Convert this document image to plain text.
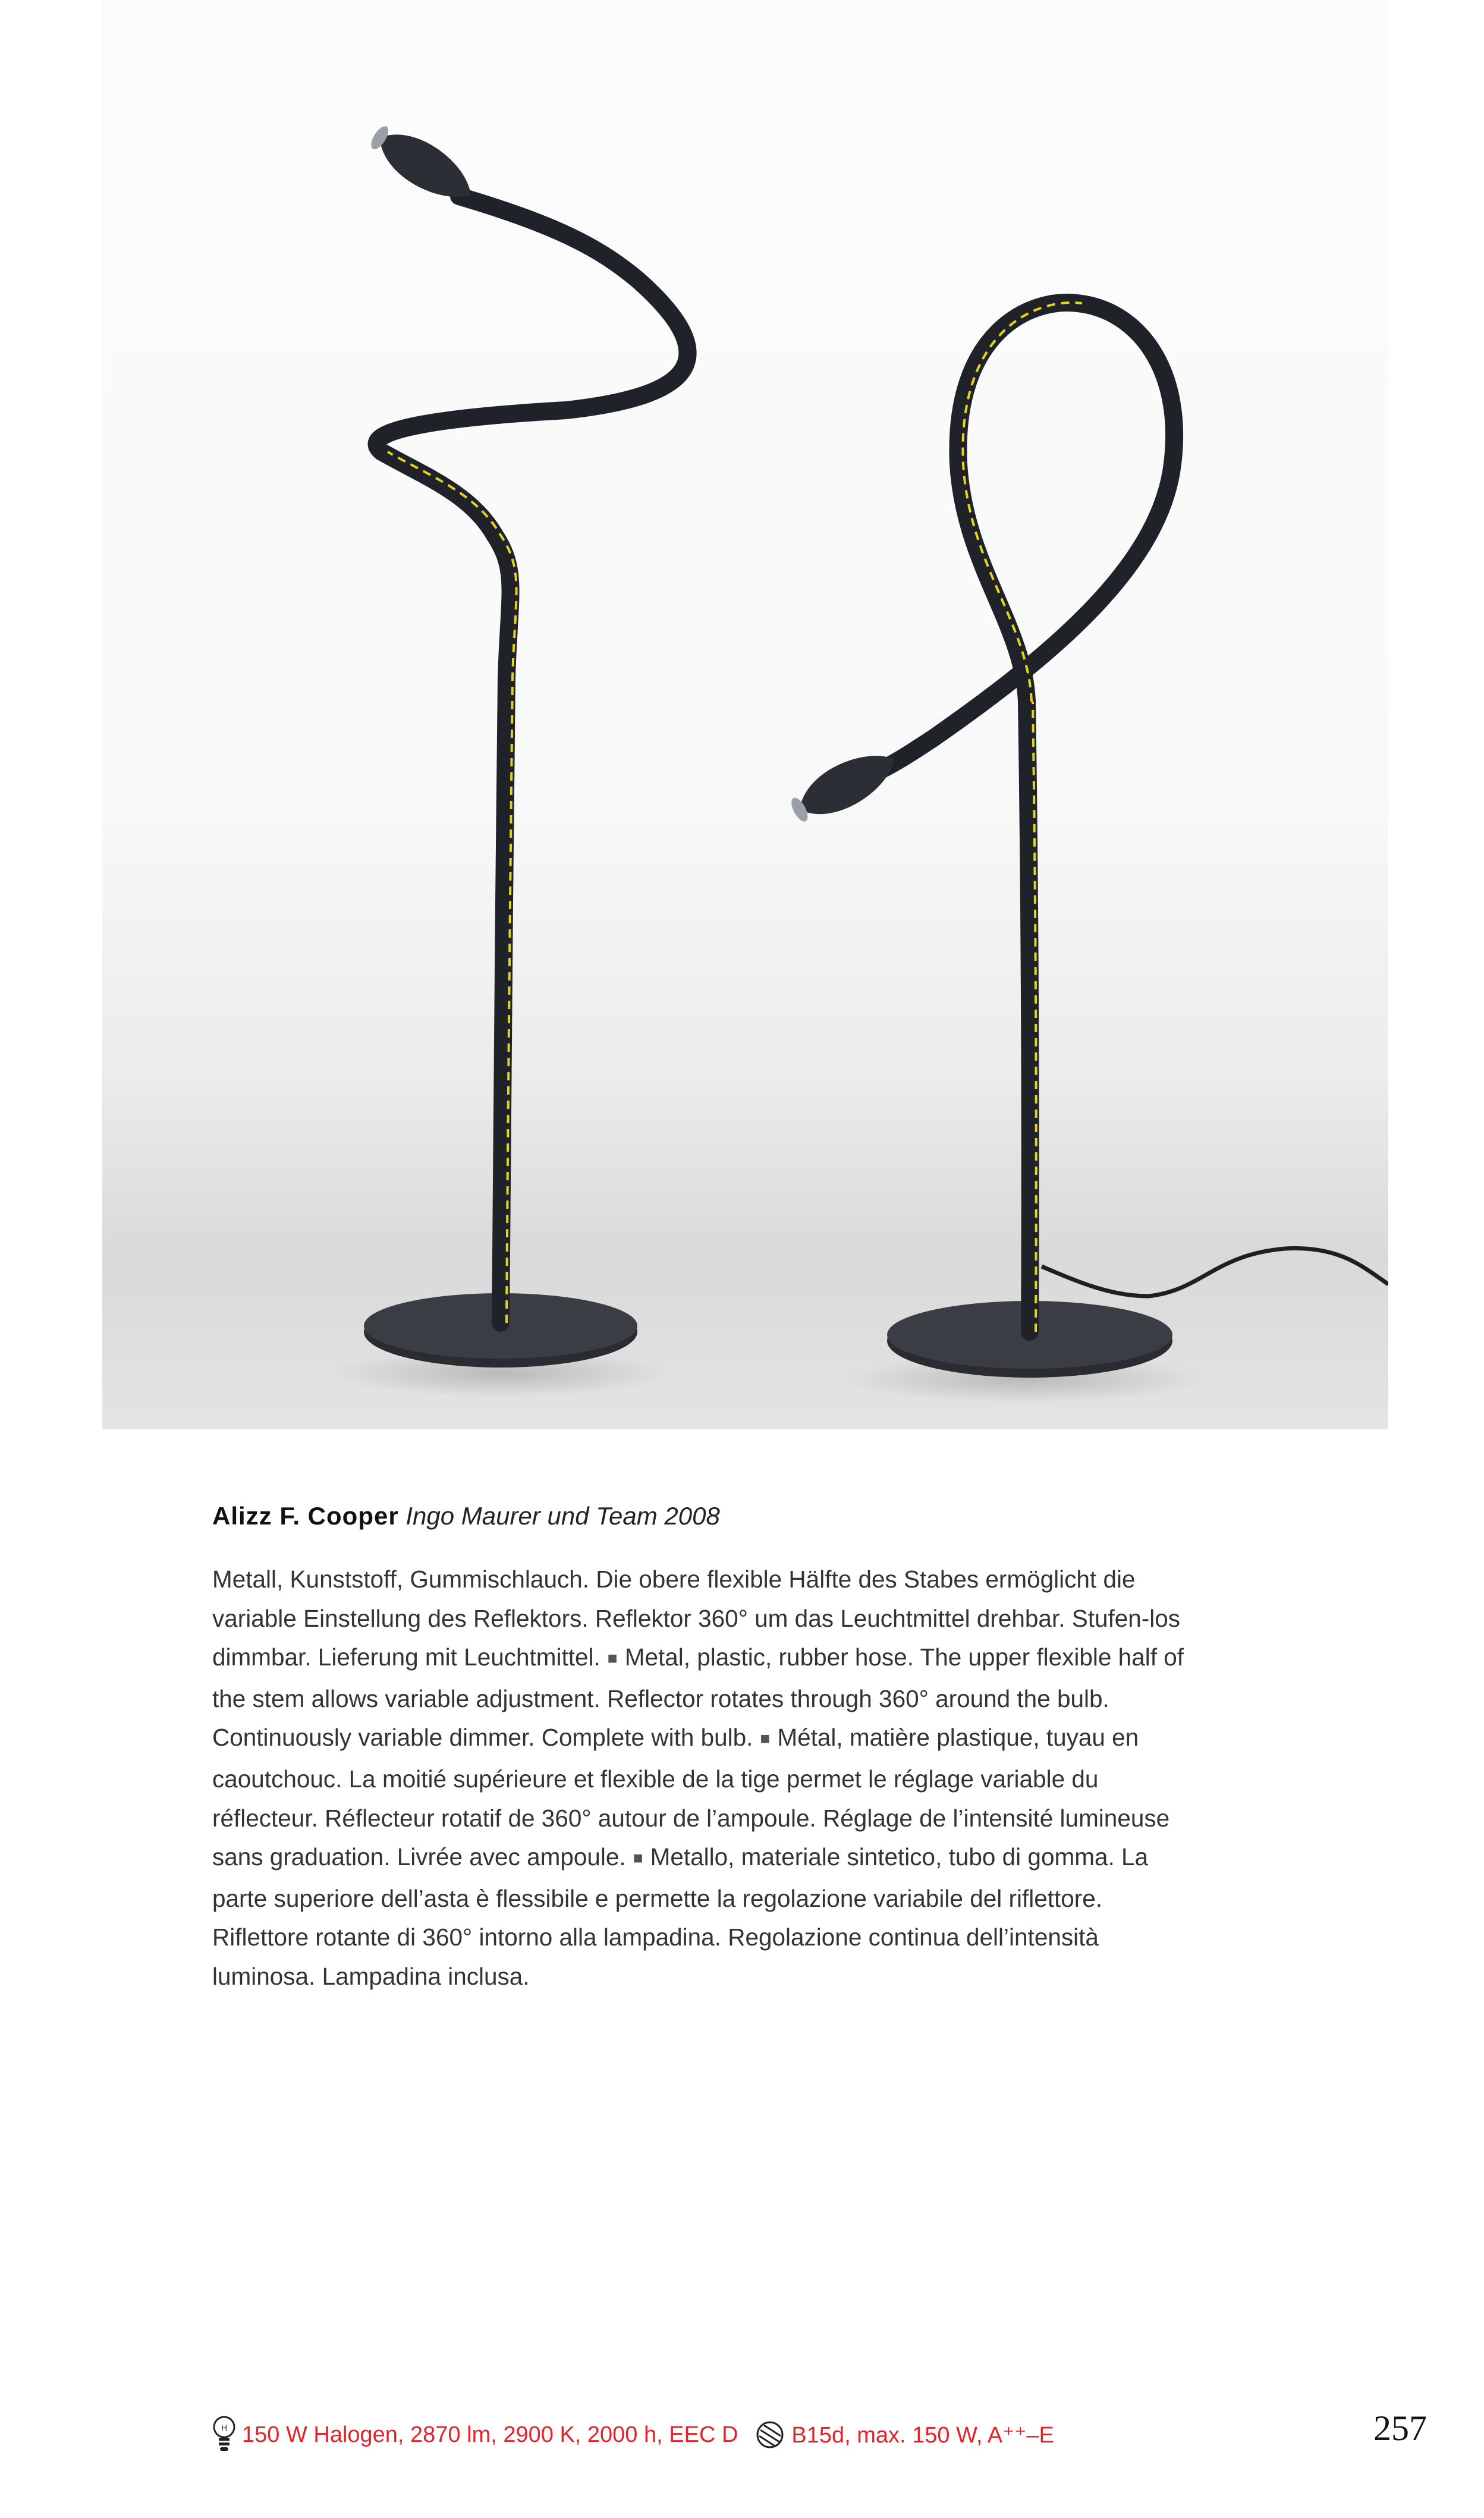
Alizz F. Cooper Ingo Maurer und Team 2008
Metall, Kunststoff, Gummischlauch. Die obere flexible Hälfte des Stabes ermöglicht die variable Einstellung des Reflektors. Reflektor 360° um das Leuchtmittel drehbar. Stufen-los dimmbar. Lieferung mit Leuchtmittel. ■ Metal, plastic, rubber hose. The upper flexible half of the stem allows variable adjustment. Reflector rotates through 360° around the bulb. Continuously variable dimmer. Complete with bulb. ■ Métal, matière plastique, tuyau en caoutchouc. La moitié supérieure et flexible de la tige permet le réglage variable du réflecteur. Réflecteur rotatif de 360° autour de l’ampoule. Réglage de l’intensité lumineuse sans graduation. Livrée avec ampoule. ■ Metallo, materiale sintetico, tubo di gomma. La parte superiore dell’asta è flessibile e permette la regolazione variabile del riflettore. Riflettore rotante di 360° intorno alla lampadina. Regolazione continua dell’intensità luminosa. Lampadina inclusa.
H 150 W Halogen, 2870 lm, 2900 K, 2000 h, EEC D B15d, max. 150 W, A⁺⁺–E	257
